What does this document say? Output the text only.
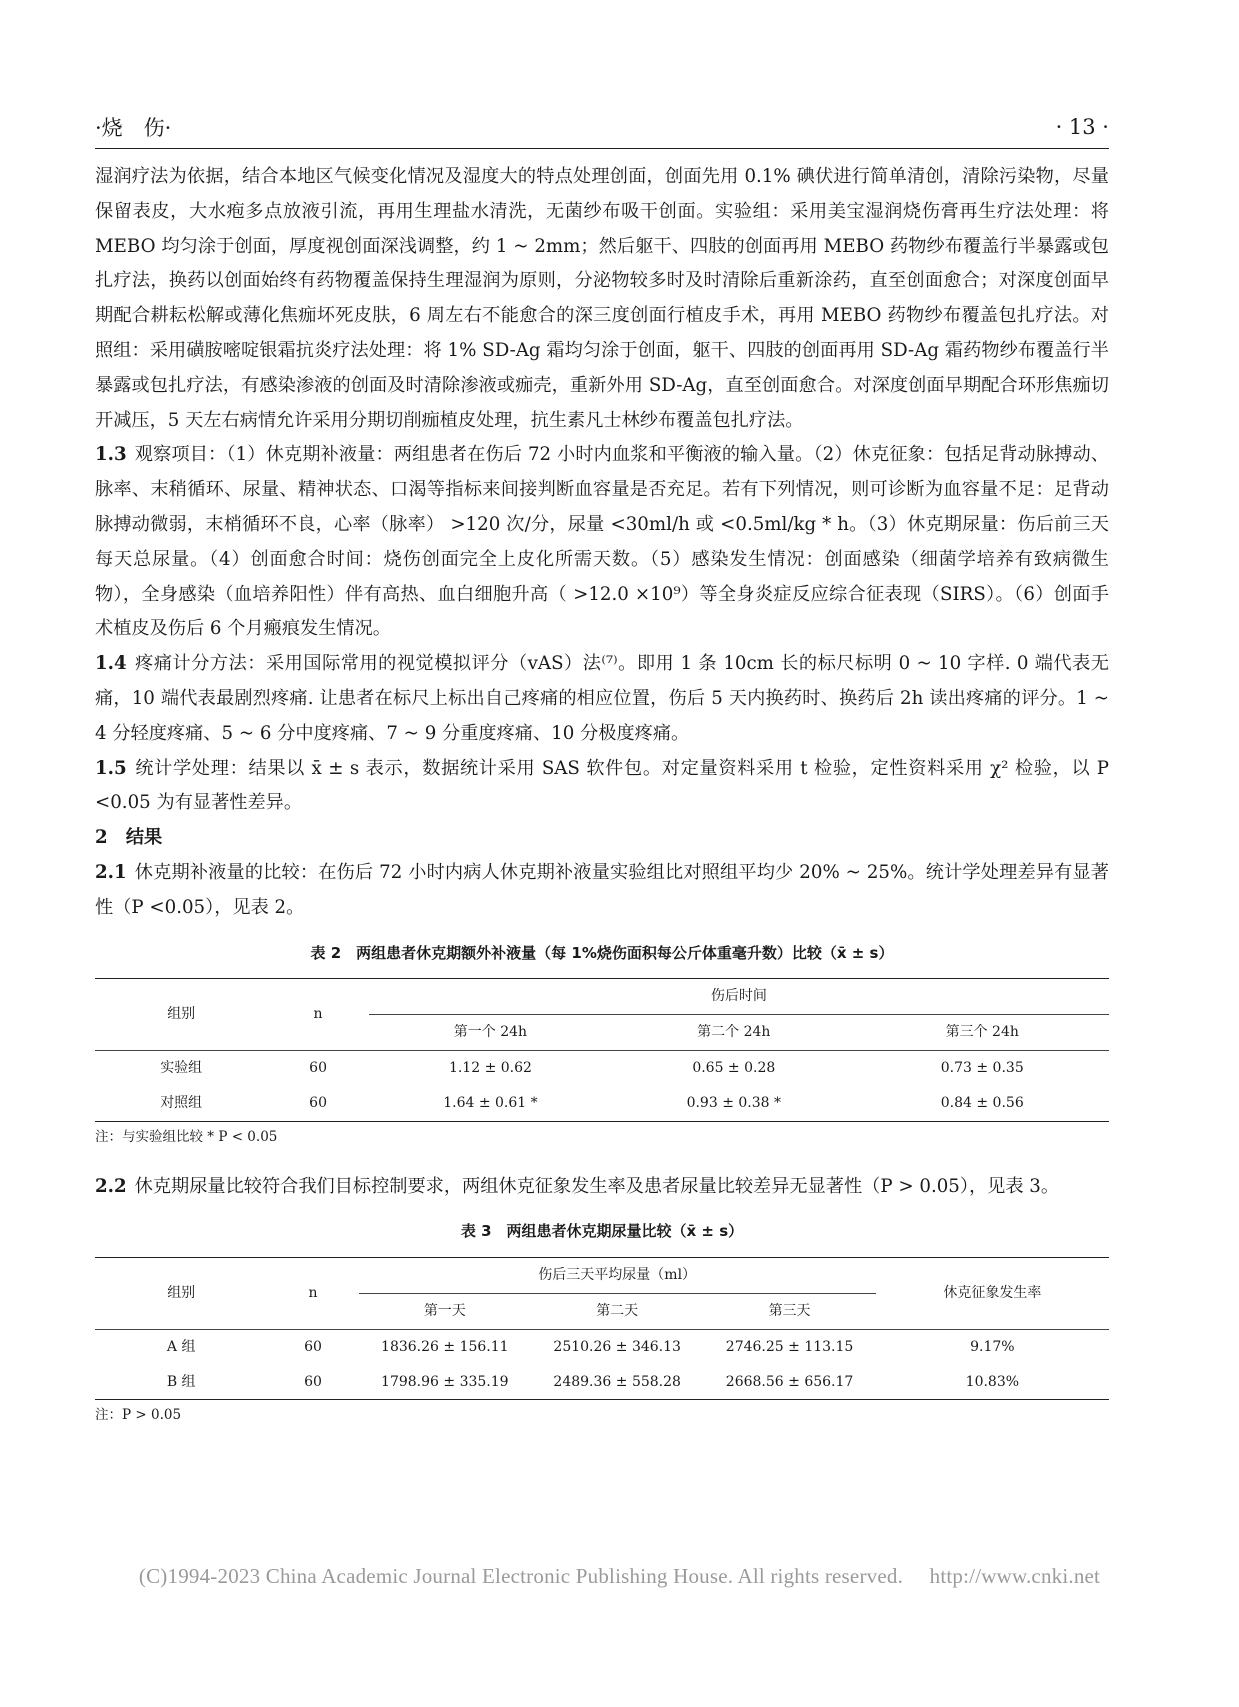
·烧　伤·	· 13 ·

湿润疗法为依据，结合本地区气候变化情况及湿度大的特点处理创面，创面先用 0.1% 碘伏进行简单清创，清除污染物，尽量保留表皮，大水疱多点放液引流，再用生理盐水清洗，无菌纱布吸干创面。实验组：采用美宝湿润烧伤膏再生疗法处理：将 MEBO 均匀涂于创面，厚度视创面深浅调整，约 1 ~ 2mm；然后躯干、四肢的创面再用 MEBO 药物纱布覆盖行半暴露或包扎疗法，换药以创面始终有药物覆盖保持生理湿润为原则，分泌物较多时及时清除后重新涂药，直至创面愈合；对深度创面早期配合耕耘松解或薄化焦痂坏死皮肤，6 周左右不能愈合的深三度创面行植皮手术，再用 MEBO 药物纱布覆盖包扎疗法。对照组：采用磺胺嘧啶银霜抗炎疗法处理：将 1% SD-Ag 霜均匀涂于创面，躯干、四肢的创面再用 SD-Ag 霜药物纱布覆盖行半暴露或包扎疗法，有感染渗液的创面及时清除渗液或痂壳，重新外用 SD-Ag，直至创面愈合。对深度创面早期配合环形焦痂切开减压，5 天左右病情允许采用分期切削痂植皮处理，抗生素凡士林纱布覆盖包扎疗法。

1.3 观察项目：（1）休克期补液量：两组患者在伤后 72 小时内血浆和平衡液的输入量。（2）休克征象：包括足背动脉搏动、脉率、末稍循环、尿量、精神状态、口渴等指标来间接判断血容量是否充足。若有下列情况，则可诊断为血容量不足：足背动脉搏动微弱，末梢循环不良，心率（脉率） >120 次/分，尿量 <30ml/h 或 <0.5ml/kg * h。（3）休克期尿量：伤后前三天每天总尿量。（4）创面愈合时间：烧伤创面完全上皮化所需天数。（5）感染发生情况：创面感染（细菌学培养有致病微生物），全身感染（血培养阳性）伴有高热、血白细胞升高（ >12.0 ×10⁹）等全身炎症反应综合征表现（SIRS）。（6）创面手术植皮及伤后 6 个月瘢痕发生情况。

1.4 疼痛计分方法：采用国际常用的视觉模拟评分（vAS）法⁽⁷⁾。即用 1 条 10cm 长的标尺标明 0 ~ 10 字样. 0 端代表无痛，10 端代表最剧烈疼痛. 让患者在标尺上标出自己疼痛的相应位置，伤后 5 天内换药时、换药后 2h 读出疼痛的评分。1 ~ 4 分轻度疼痛、5 ~ 6 分中度疼痛、7 ~ 9 分重度疼痛、10 分极度疼痛。

1.5 统计学处理：结果以 x̄ ± s 表示，数据统计采用 SAS 软件包。对定量资料采用 t 检验，定性资料采用 χ² 检验，以 P <0.05 为有显著性差异。

2　结果

2.1 休克期补液量的比较：在伤后 72 小时内病人休克期补液量实验组比对照组平均少 20% ~ 25%。统计学处理差异有显著性（P <0.05），见表 2。

表 2　两组患者休克期额外补液量（每 1%烧伤面积每公斤体重毫升数）比较（x̄ ± s）
组别	n	伤后时间		
		第一个 24h	第二个 24h	第三个 24h
实验组	60	1.12 ± 0.62	0.65 ± 0.28	0.73 ± 0.35
对照组	60	1.64 ± 0.61 *	0.93 ± 0.38 *	0.84 ± 0.56
注：与实验组比较 * P < 0.05

2.2 休克期尿量比较符合我们目标控制要求，两组休克征象发生率及患者尿量比较差异无显著性（P > 0.05），见表 3。

表 3　两组患者休克期尿量比较（x̄ ± s）
组别	n	伤后三天平均尿量（ml）			休克征象发生率
		第一天	第二天	第三天	
A 组	60	1836.26 ± 156.11	2510.26 ± 346.13	2746.25 ± 113.15	9.17%
B 组	60	1798.96 ± 335.19	2489.36 ± 558.28	2668.56 ± 656.17	10.83%
注：P > 0.05
(C)1994-2023 China Academic Journal Electronic Publishing House. All rights reserved.　 http://www.cnki.net
